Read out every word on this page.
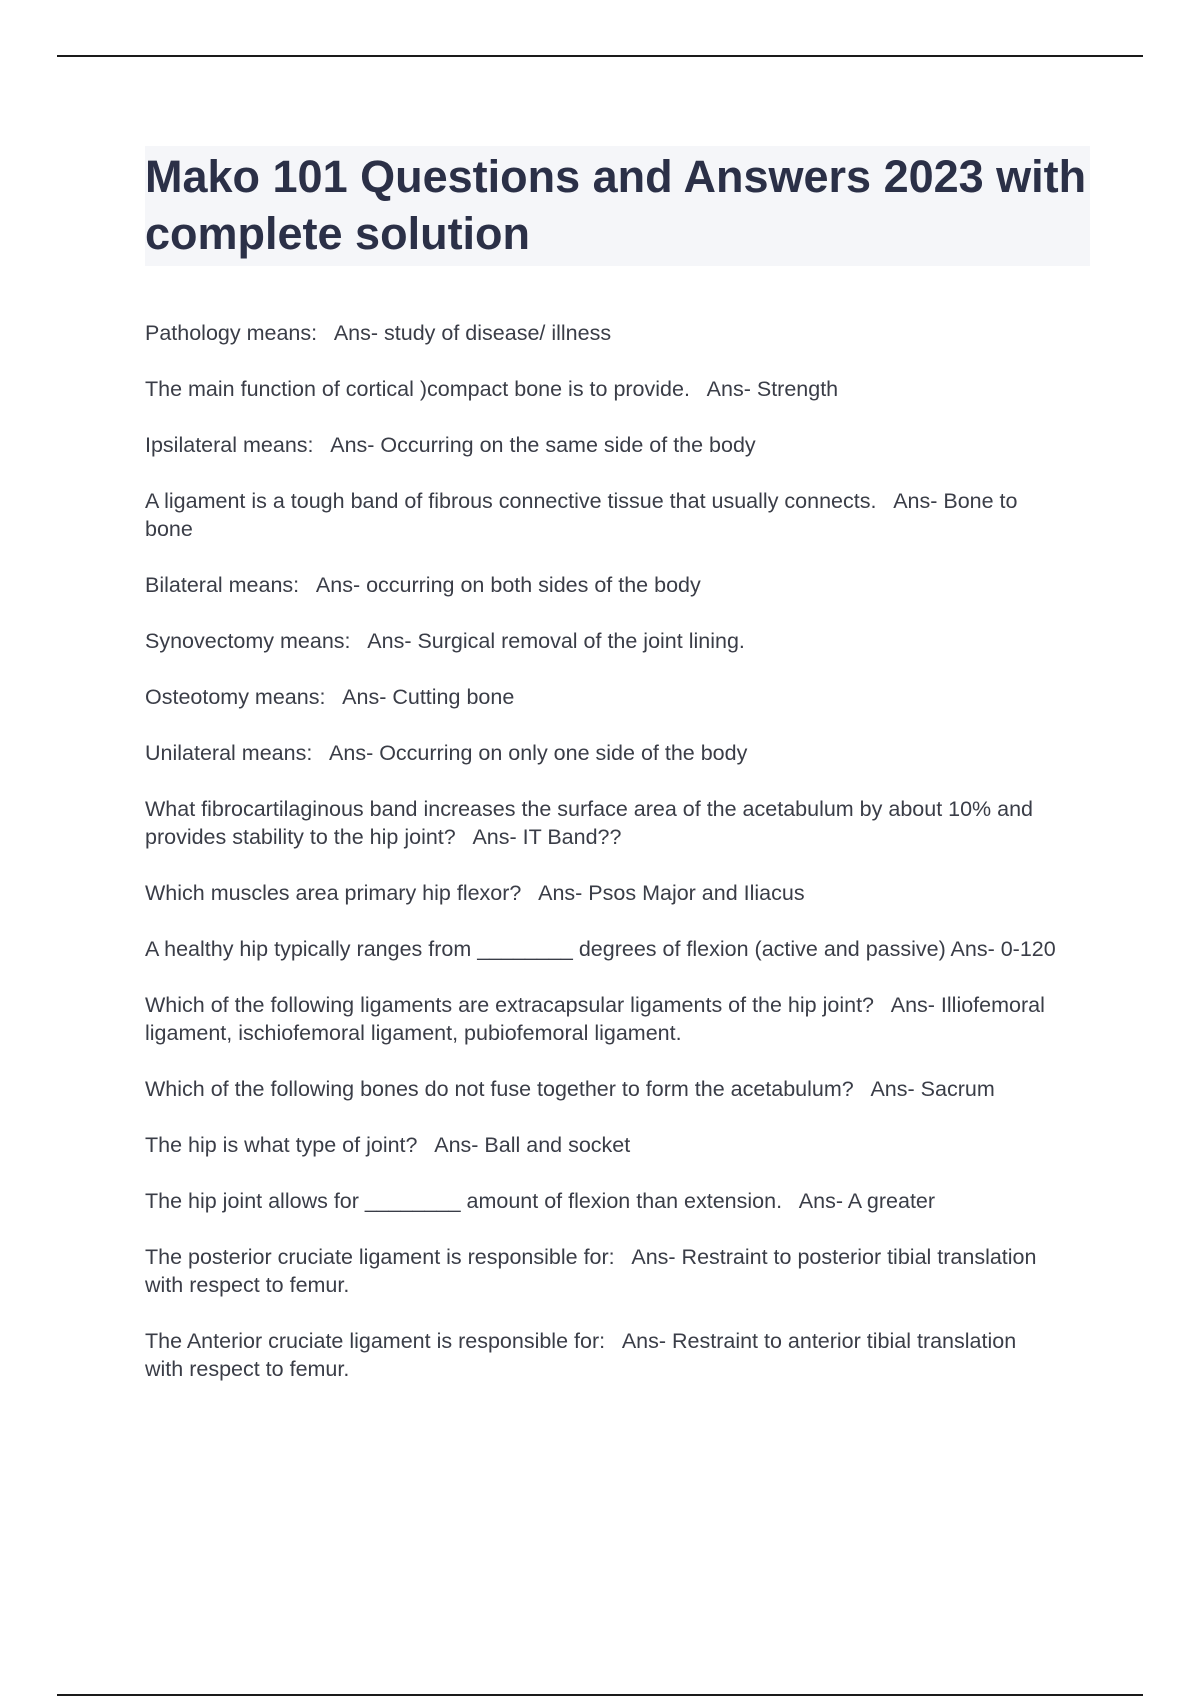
Mako 101 Questions and Answers 2023 with complete solution

Pathology means:   Ans- study of disease/ illness

The main function of cortical )compact bone is to provide.   Ans- Strength

Ipsilateral means:   Ans- Occurring on the same side of the body

A ligament is a tough band of fibrous connective tissue that usually connects.   Ans- Bone to bone

Bilateral means:   Ans- occurring on both sides of the body

Synovectomy means:   Ans- Surgical removal of the joint lining.

Osteotomy means:   Ans- Cutting bone

Unilateral means:   Ans- Occurring on only one side of the body

What fibrocartilaginous band increases the surface area of the acetabulum by about 10% and provides stability to the hip joint?   Ans- IT Band??

Which muscles area primary hip flexor?   Ans- Psos Major and Iliacus

A healthy hip typically ranges from ________ degrees of flexion (active and passive) Ans- 0-120

Which of the following ligaments are extracapsular ligaments of the hip joint?   Ans- Illiofemoral ligament, ischiofemoral ligament, pubiofemoral ligament.

Which of the following bones do not fuse together to form the acetabulum?   Ans- Sacrum

The hip is what type of joint?   Ans- Ball and socket

The hip joint allows for ________ amount of flexion than extension.   Ans- A greater

The posterior cruciate ligament is responsible for:   Ans- Restraint to posterior tibial translation with respect to femur.

The Anterior cruciate ligament is responsible for:   Ans- Restraint to anterior tibial translation with respect to femur.
